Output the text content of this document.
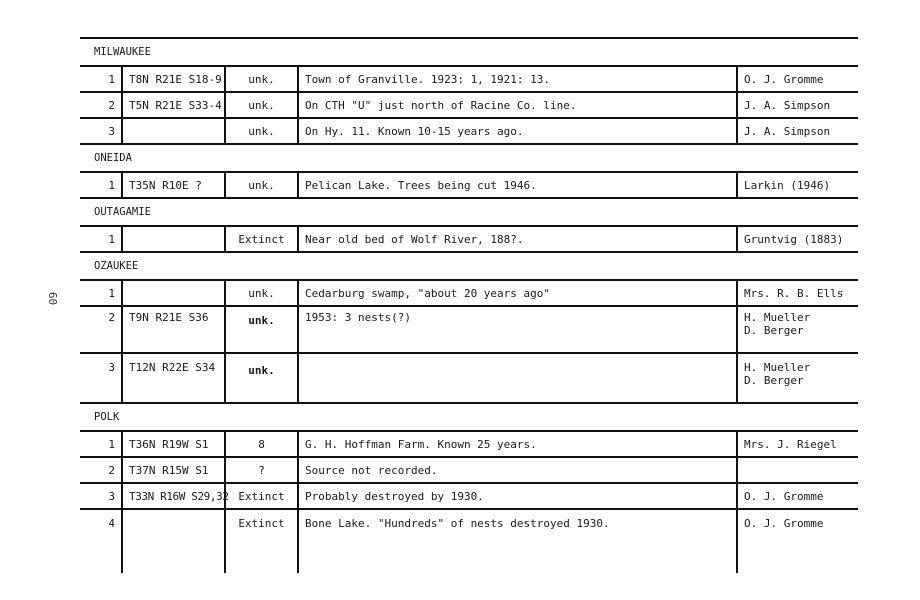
60
MILWAUKEE				
1	T8N R21E S18-9	unk.	Town of Granville. 1923: 1, 1921: 13.	O. J. Gromme

2	T5N R21E S33-4	unk.	On CTH "U" just north of Racine Co. line.	J. A. Simpson

3		unk.	On Hy. 11. Known 10-15 years ago.	J. A. Simpson

ONEIDA				
1	T35N R10E ?	unk.	Pelican Lake. Trees being cut 1946.	Larkin (1946)

OUTAGAMIE				
1		Extinct	Near old bed of Wolf River, 188?.	Gruntvig (1883)

OZAUKEE				
1		unk.	Cedarburg swamp, "about 20 years ago"	Mrs. R. B. Ells

2	T9N R21E S36	unk.	1953: 3 nests(?)	H. Mueller
D. Berger

3	T12N R22E S34	unk.		H. Mueller
D. Berger

POLK				
1	T36N R19W S1	8	G. H. Hoffman Farm. Known 25 years.	Mrs. J. Riegel

2	T37N R15W S1	?	Source not recorded.	

3	T33N R16W S29,32	Extinct	Probably destroyed by 1930.	O. J. Gromme

4		Extinct	Bone Lake. "Hundreds" of nests destroyed 1930.	O. J. Gromme
